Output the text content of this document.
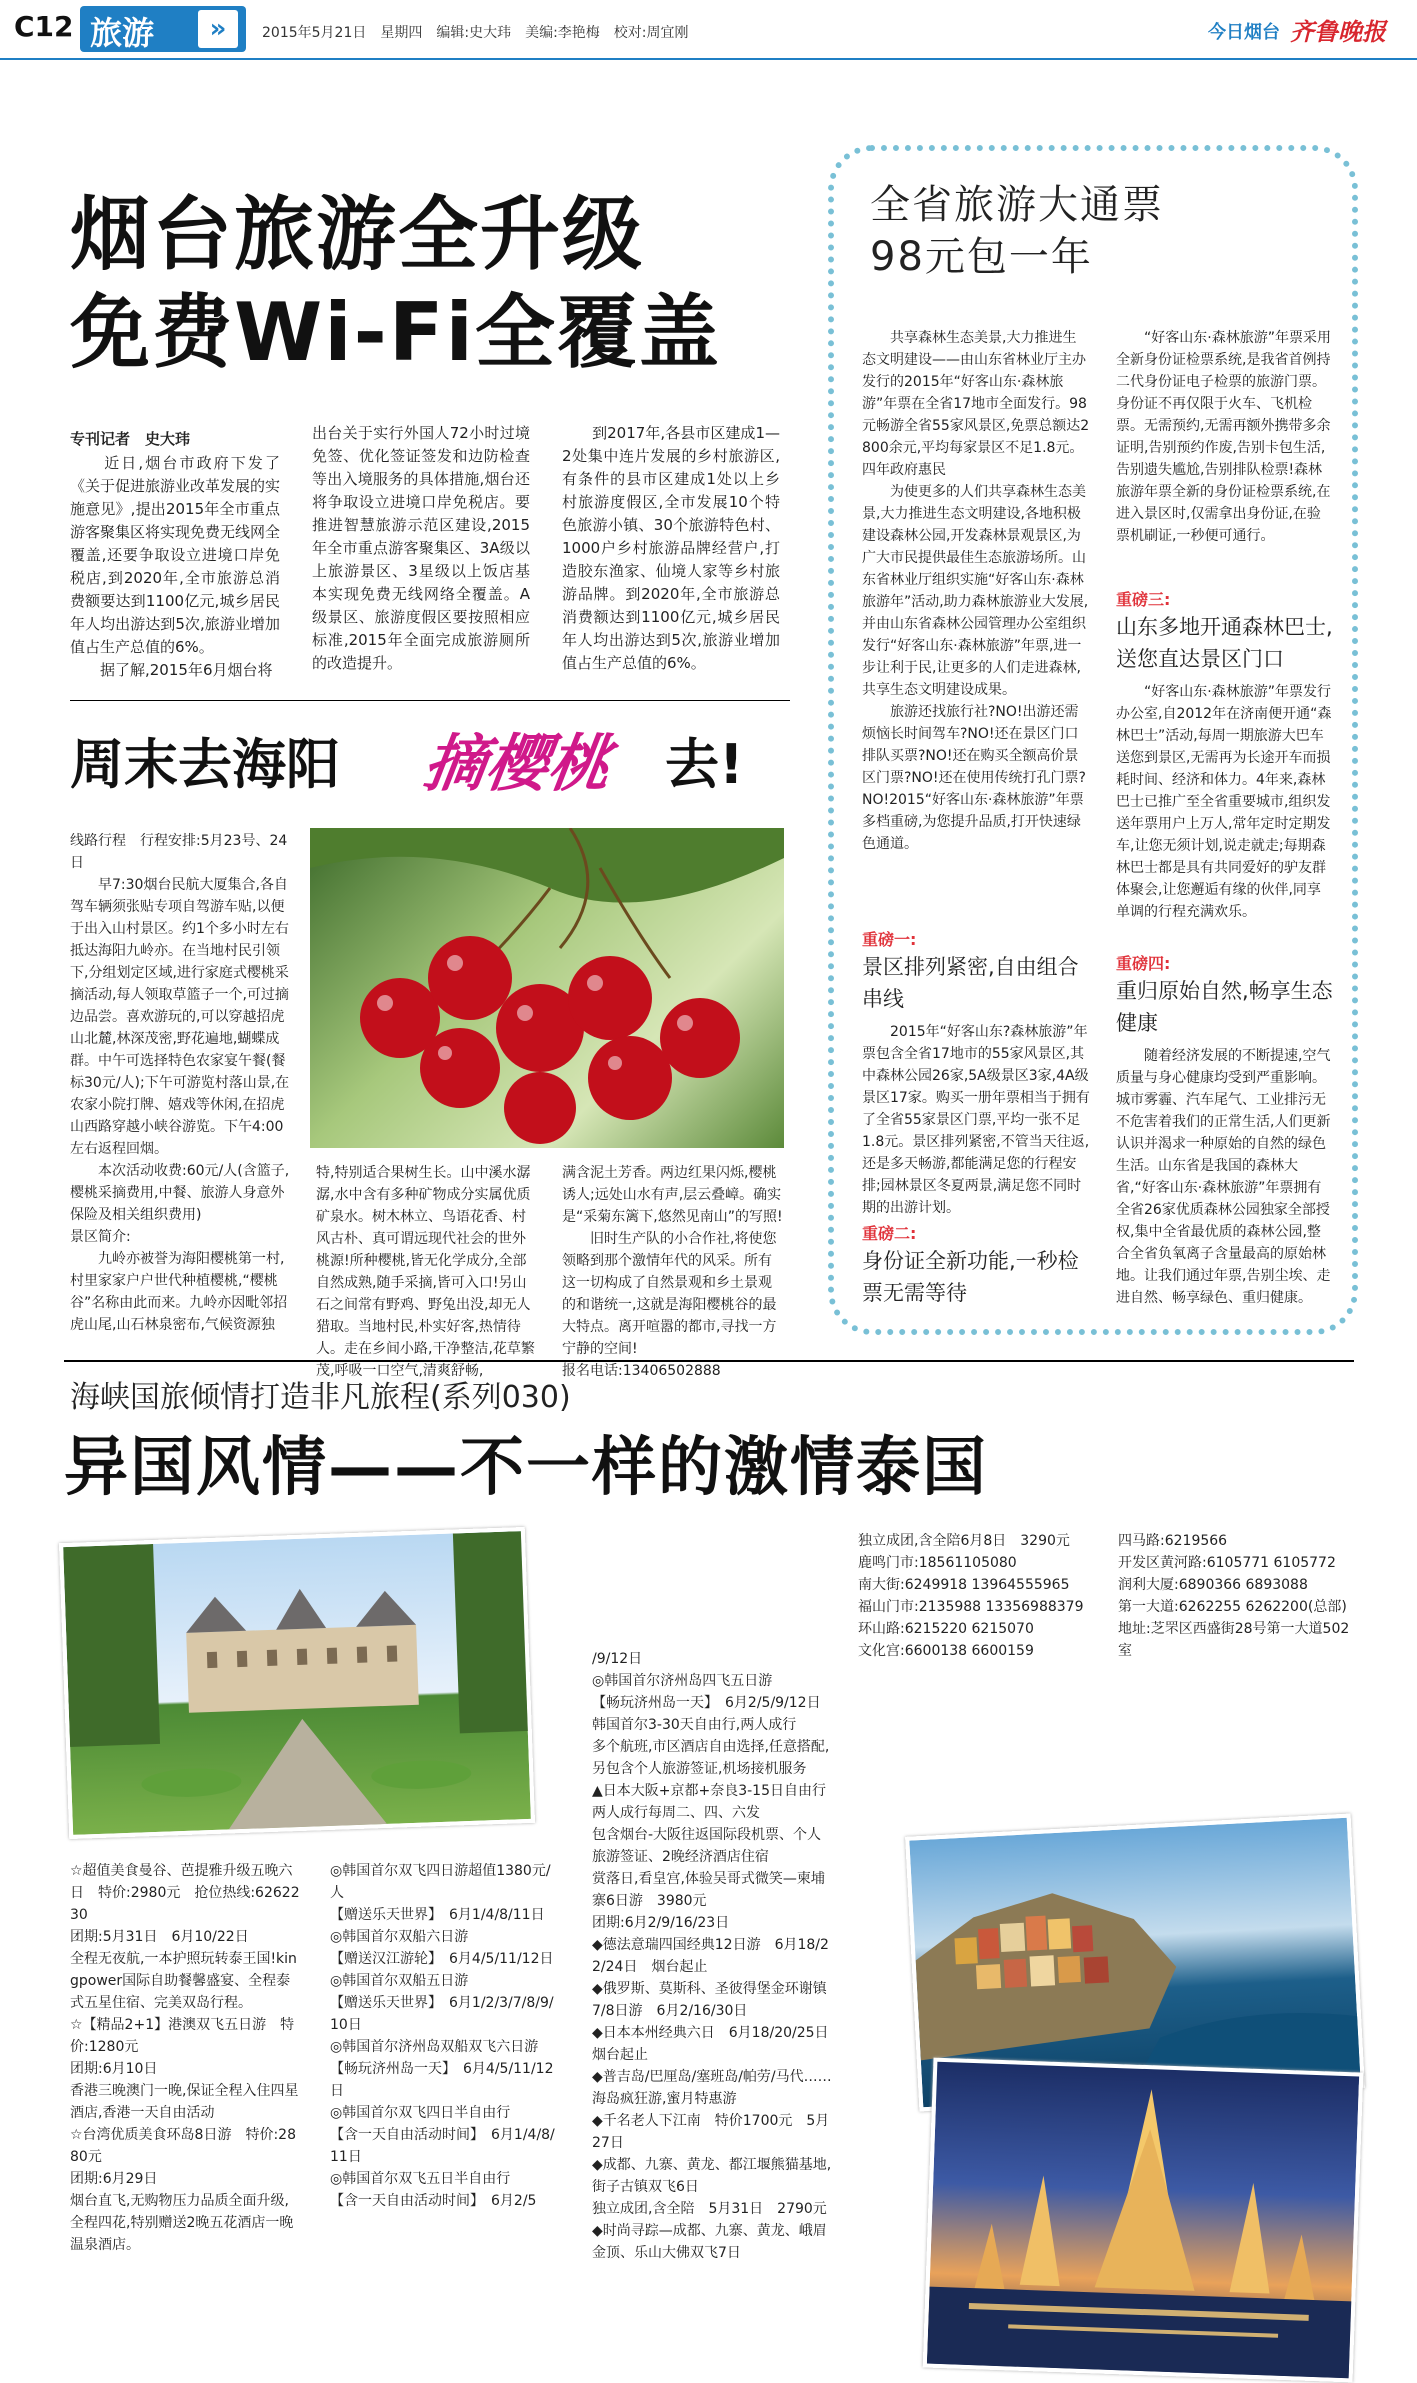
C12 旅游	»	2015年5月21日　星期四　编辑:史大玮　美编:李艳梅　校对:周宜刚	今日烟台 齐鲁晚报
烟台旅游全升级
免费Wi-Fi全覆盖
专刊记者　史大玮
　　近日,烟台市政府下发了《关于促进旅游业改革发展的实施意见》,提出2015年全市重点游客聚集区将实现免费无线网全覆盖,还要争取设立进境口岸免税店,到2020年,全市旅游总消费额要达到1100亿元,城乡居民年人均出游达到5次,旅游业增加值占生产总值的6%。
　　据了解,2015年6月烟台将
出台关于实行外国人72小时过境免签、优化签证签发和边防检查等出入境服务的具体措施,烟台还将争取设立进境口岸免税店。要推进智慧旅游示范区建设,2015年全市重点游客聚集区、3A级以上旅游景区、3星级以上饭店基本实现免费无线网络全覆盖。A级景区、旅游度假区要按照相应标准,2015年全面完成旅游厕所的改造提升。
　　到2017年,各县市区建成1—2处集中连片发展的乡村旅游区,有条件的县市区建成1处以上乡村旅游度假区,全市发展10个特色旅游小镇、30个旅游特色村、1000户乡村旅游品牌经营户,打造胶东渔家、仙境人家等乡村旅游品牌。到2020年,全市旅游总消费额达到1100亿元,城乡居民年人均出游达到5次,旅游业增加值占生产总值的6%。
周末去海阳 摘樱桃 去!
线路行程　行程安排:5月23号、24日
　　早7:30烟台民航大厦集合,各自驾车辆须张贴专项自驾游车贴,以便于出入山村景区。约1个多小时左右抵达海阳九岭亦。在当地村民引领下,分组划定区域,进行家庭式樱桃采摘活动,每人领取草篮子一个,可过摘边品尝。喜欢游玩的,可以穿越招虎山北麓,林深茂密,野花遍地,蝴蝶成群。中午可选择特色农家宴午餐(餐标30元/人);下午可游览村落山景,在农家小院打牌、嬉戏等休闲,在招虎山西路穿越小峡谷游览。下午4:00左右返程回烟。
　　本次活动收费:60元/人(含篮子,樱桃采摘费用,中餐、旅游人身意外保险及相关组织费用)
景区简介:
　　九岭亦被誉为海阳樱桃第一村,村里家家户户世代种植樱桃,“樱桃谷”名称由此而来。九岭亦因毗邻招虎山尾,山石林泉密布,气候资源独
特,特别适合果树生长。山中溪水潺潺,水中含有多种矿物成分实属优质矿泉水。树木林立、鸟语花香、村风古朴、真可谓远现代社会的世外桃源!所种樱桃,皆无化学成分,全部自然成熟,随手采摘,皆可入口!另山石之间常有野鸡、野兔出没,却无人猎取。当地村民,朴实好客,热情待人。走在乡间小路,干净整洁,花草繁茂,呼吸一口空气,清爽舒畅,
满含泥土芳香。两边红果闪烁,樱桃诱人;远处山水有声,层云叠嶂。确实是“采菊东篱下,悠然见南山”的写照!
　　旧时生产队的小合作社,将使您领略到那个激情年代的风采。所有这一切构成了自然景观和乡土景观的和谐统一,这就是海阳樱桃谷的最大特点。离开喧嚣的都市,寻找一方宁静的空间!
报名电话:13406502888
全省旅游大通票
98元包一年
　　共享森林生态美景,大力推进生态文明建设——由山东省林业厅主办发行的2015年“好客山东·森林旅游”年票在全省17地市全面发行。98元畅游全省55家风景区,免票总额达2800余元,平均每家景区不足1.8元。
四年政府惠民
　　为使更多的人们共享森林生态美景,大力推进生态文明建设,各地积极建设森林公园,开发森林景观景区,为广大市民提供最佳生态旅游场所。山东省林业厅组织实施“好客山东·森林旅游年”活动,助力森林旅游业大发展,并由山东省森林公园管理办公室组织发行“好客山东·森林旅游”年票,进一步让利于民,让更多的人们走进森林,共享生态文明建设成果。
　　旅游还找旅行社?NO!出游还需烦恼长时间驾车?NO!还在景区门口排队买票?NO!还在购买全额高价景区门票?NO!还在使用传统打孔门票?NO!2015“好客山东·森林旅游”年票多档重磅,为您提升品质,打开快速绿色通道。
重磅一:
景区排列紧密,自由组合串线
　　2015年“好客山东?森林旅游”年票包含全省17地市的55家风景区,其中森林公园26家,5A级景区3家,4A级景区17家。购买一册年票相当于拥有了全省55家景区门票,平均一张不足1.8元。景区排列紧密,不管当天往返,还是多天畅游,都能满足您的行程安排;园林景区冬夏两景,满足您不同时期的出游计划。
重磅二:
身份证全新功能,一秒检票无需等待
　　“好客山东·森林旅游”年票采用全新身份证检票系统,是我省首例持二代身份证电子检票的旅游门票。身份证不再仅限于火车、飞机检票。无需预约,无需再额外携带多余证明,告别预约作废,告别卡包生活,告别遗失尴尬,告别排队检票!森林旅游年票全新的身份证检票系统,在进入景区时,仅需拿出身份证,在验票机刷证,一秒便可通行。
重磅三:
山东多地开通森林巴士,送您直达景区门口
　　“好客山东·森林旅游”年票发行办公室,自2012年在济南便开通“森林巴士”活动,每周一期旅游大巴车送您到景区,无需再为长途开车而损耗时间、经济和体力。4年来,森林巴士已推广至全省重要城市,组织发送年票用户上万人,常年定时定期发车,让您无须计划,说走就走;每期森林巴士都是具有共同爱好的驴友群体聚会,让您邂逅有缘的伙伴,同享单调的行程充满欢乐。
重磅四:
重归原始自然,畅享生态健康
　　随着经济发展的不断提速,空气质量与身心健康均受到严重影响。城市雾霾、汽车尾气、工业排污无不危害着我们的正常生活,人们更新认识并渴求一种原始的自然的绿色生活。山东省是我国的森林大省,“好客山东·森林旅游”年票拥有全省26家优质森林公园独家全部授权,集中全省最优质的森林公园,整合全省负氧离子含量最高的原始林地。让我们通过年票,告别尘埃、走进自然、畅享绿色、重归健康。
海峡国旅倾情打造非凡旅程(系列030)
异国风情——不一样的激情泰国
☆超值美食曼谷、芭提雅升级五晚六日　特价:2980元　抢位热线:6262230
团期:5月31日　6月10/22日
全程无夜航,一本护照玩转泰王国!kingpower国际自助餐馨盛宴、全程泰式五星住宿、完美双岛行程。
☆【精品2+1】港澳双飞五日游　特价:1280元
团期:6月10日
香港三晚澳门一晚,保证全程入住四星酒店,香港一天自由活动
☆台湾优质美食环岛8日游　特价:2880元
团期:6月29日
烟台直飞,无购物压力品质全面升级,全程四花,特别赠送2晚五花酒店一晚温泉酒店。
◎韩国首尔双飞四日游超值1380元/人
【赠送乐天世界】　6月1/4/8/11日
◎韩国首尔双船六日游
【赠送汉江游轮】　6月4/5/11/12日
◎韩国首尔双船五日游
【赠送乐天世界】　6月1/2/3/7/8/9/10日
◎韩国首尔济州岛双船双飞六日游
【畅玩济州岛一天】　6月4/5/11/12日
◎韩国首尔双飞四日半自由行
【含一天自由活动时间】　6月1/4/8/11日
◎韩国首尔双飞五日半自由行
【含一天自由活动时间】　6月2/5
/9/12日
◎韩国首尔济州岛四飞五日游
【畅玩济州岛一天】　6月2/5/9/12日
韩国首尔3-30天自由行,两人成行
多个航班,市区酒店自由选择,任意搭配,另包含个人旅游签证,机场接机服务
▲日本大阪+京都+奈良3-15日自由行两人成行每周二、四、六发
包含烟台-大阪往返国际段机票、个人旅游签证、2晚经济酒店住宿
赏落日,看皇宫,体验吴哥式微笑—柬埔寨6日游　3980元
团期:6月2/9/16/23日
◆德法意瑞四国经典12日游　6月18/22/24日　烟台起止
◆俄罗斯、莫斯科、圣彼得堡金环谢镇7/8日游　6月2/16/30日
◆日本本州经典六日　6月18/20/25日　烟台起止
◆普吉岛/巴厘岛/塞班岛/帕劳/马代……海岛疯狂游,蜜月特惠游
◆千名老人下江南　特价1700元　5月27日
◆成都、九寨、黄龙、都江堰熊猫基地,街子古镇双飞6日
独立成团,含全陪　5月31日　2790元
◆时尚寻踪—成都、九寨、黄龙、峨眉金顶、乐山大佛双飞7日
独立成团,含全陪6月8日　3290元
鹿鸣门市:18561105080
南大街:6249918 13964555965
福山门市:2135988 13356988379
环山路:6215220 6215070
文化宫:6600138 6600159
四马路:6219566
开发区黄河路:6105771 6105772
润利大厦:6890366 6893088
第一大道:6262255 6262200(总部)
地址:芝罘区西盛街28号第一大道502室
